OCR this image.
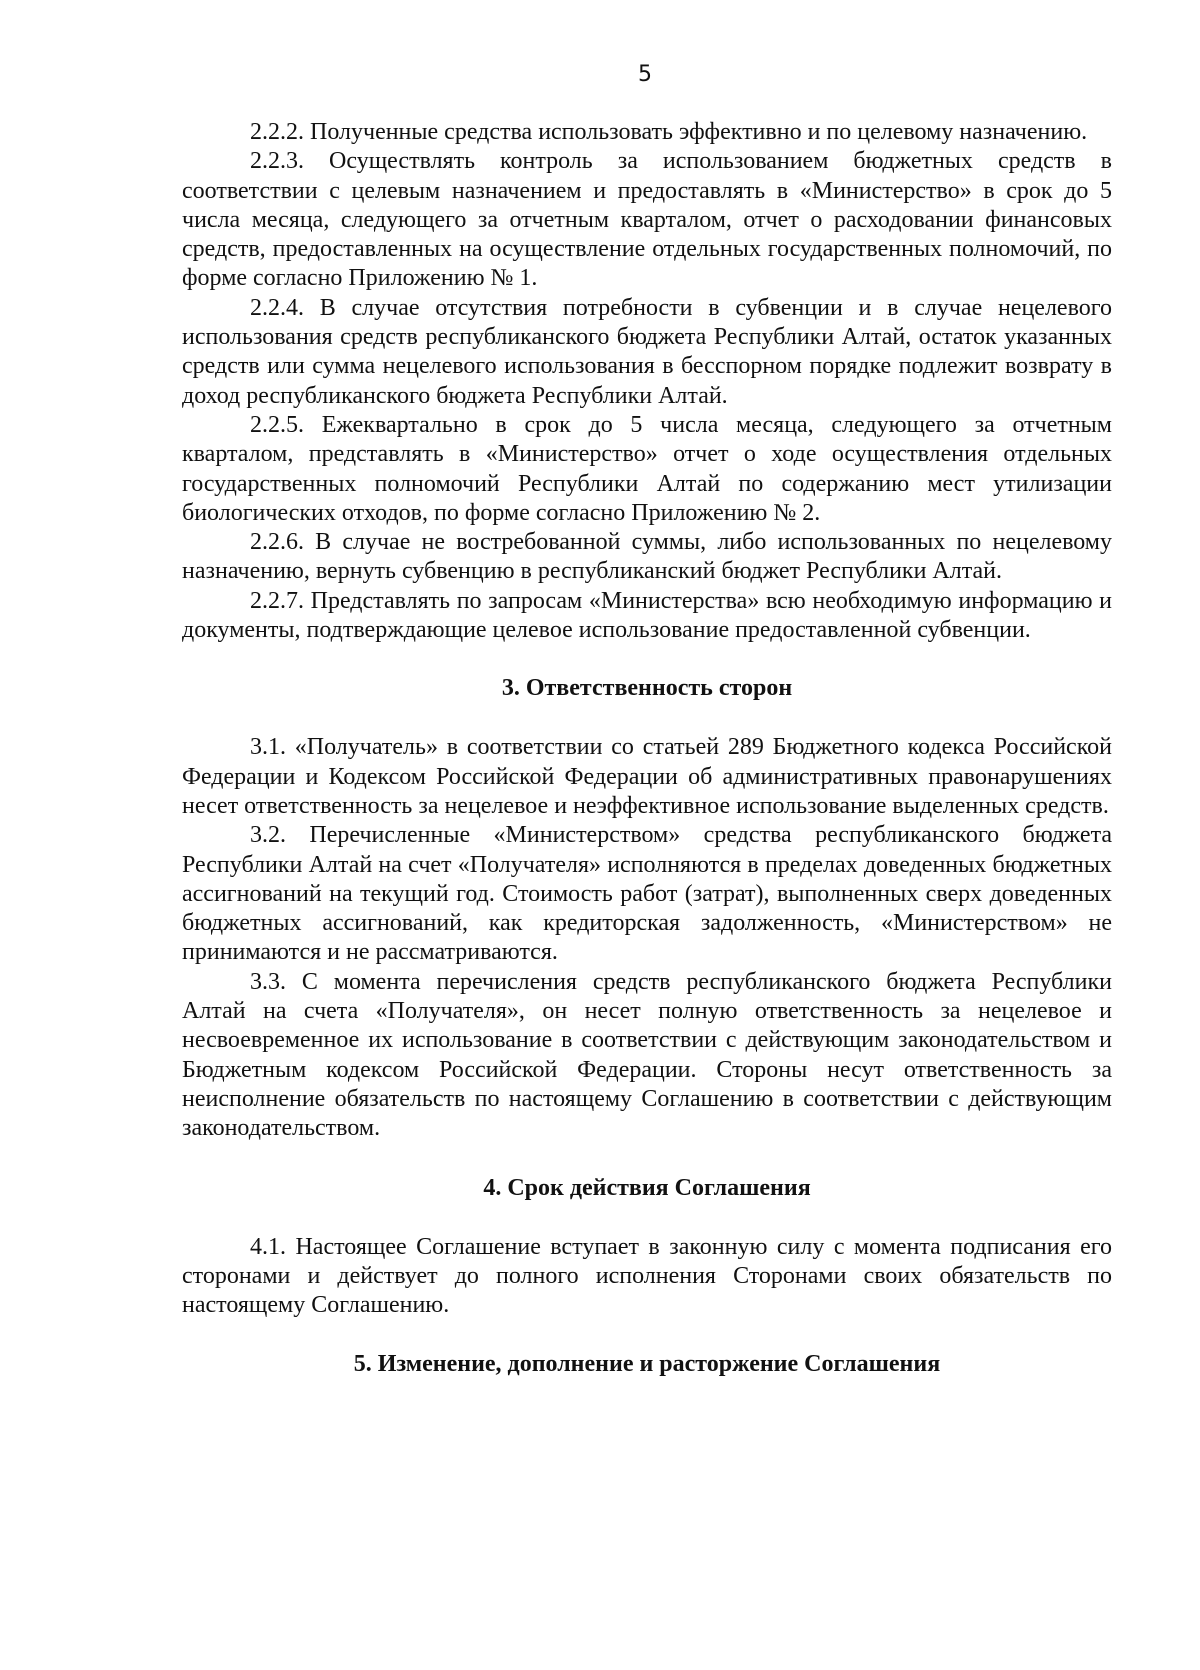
5

2.2.2. Полученные средства использовать эффективно и по целевому назначению.

2.2.3. Осуществлять контроль за использованием бюджетных средств в соответствии с целевым назначением и предоставлять в «Министерство» в срок до 5 числа месяца, следующего за отчетным кварталом, отчет о расходовании финансовых средств, предоставленных на осуществление отдельных государственных полномочий, по форме согласно Приложению № 1.

2.2.4. В случае отсутствия потребности в субвенции и в случае нецелевого использования средств республиканского бюджета Республики Алтай, остаток указанных средств или сумма нецелевого использования в бесспорном порядке подлежит возврату в доход республиканского бюджета Республики Алтай.

2.2.5. Ежеквартально в срок до 5 числа месяца, следующего за отчетным кварталом, представлять в «Министерство» отчет о ходе осуществления отдельных государственных полномочий Республики Алтай по содержанию мест утилизации биологических отходов, по форме согласно Приложению № 2.

2.2.6. В случае не востребованной суммы, либо использованных по нецелевому назначению, вернуть субвенцию в республиканский бюджет Республики Алтай.

2.2.7. Представлять по запросам «Министерства» всю необходимую информацию и документы, подтверждающие целевое использование предоставленной субвенции.

3. Ответственность сторон

3.1. «Получатель» в соответствии со статьей 289 Бюджетного кодекса Российской Федерации и Кодексом Российской Федерации об административных правонарушениях несет ответственность за нецелевое и неэффективное использование выделенных средств.

3.2. Перечисленные «Министерством» средства республиканского бюджета Республики Алтай на счет «Получателя» исполняются в пределах доведенных бюджетных ассигнований на текущий год. Стоимость работ (затрат), выполненных сверх доведенных бюджетных ассигнований, как кредиторская задолженность, «Министерством» не принимаются и не рассматриваются.

3.3. С момента перечисления средств республиканского бюджета Республики Алтай на счета «Получателя», он несет полную ответственность за нецелевое и несвоевременное их использование в соответствии с действующим законодательством и Бюджетным кодексом Российской Федерации. Стороны несут ответственность за неисполнение обязательств по настоящему Соглашению в соответствии с действующим законодательством.

4. Срок действия Соглашения

4.1. Настоящее Соглашение вступает в законную силу с момента подписания его сторонами и действует до полного исполнения Сторонами своих обязательств по настоящему Соглашению.

5. Изменение, дополнение и расторжение Соглашения
